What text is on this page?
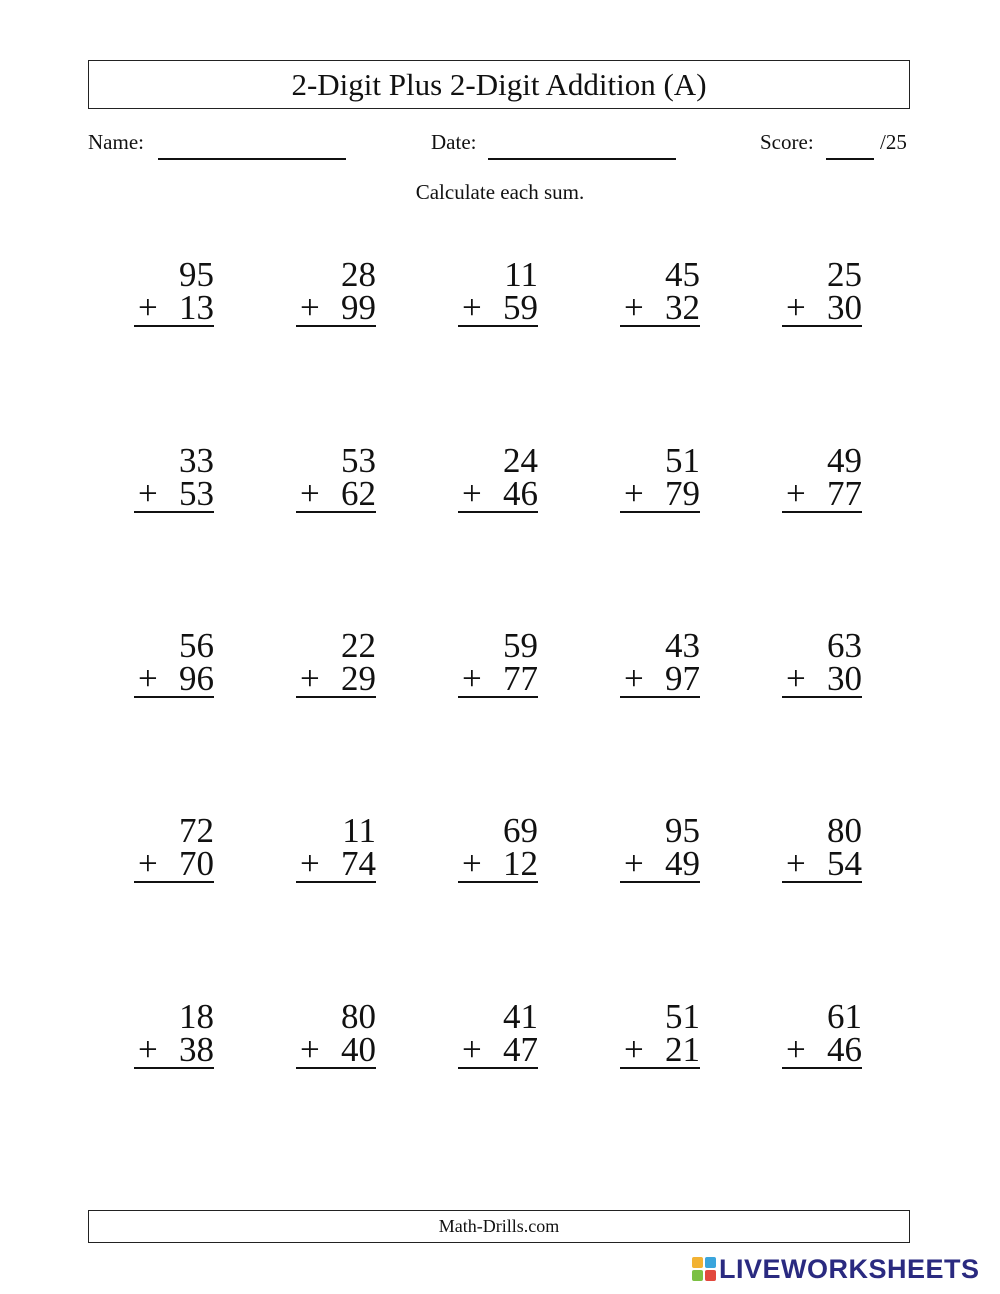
2-Digit Plus 2-Digit Addition (A)
Name:	Date:	Score:	/25
Calculate each sum.
95
+ 13
28
+ 99
11
+ 59
45
+ 32
25
+ 30
33
+ 53
53
+ 62
24
+ 46
51
+ 79
49
+ 77
56
+ 96
22
+ 29
59
+ 77
43
+ 97
63
+ 30
72
+ 70
11
+ 74
69
+ 12
95
+ 49
80
+ 54
18
+ 38
80
+ 40
41
+ 47
51
+ 21
61
+ 46
Math-Drills.com
LIVEWORKSHEETS
